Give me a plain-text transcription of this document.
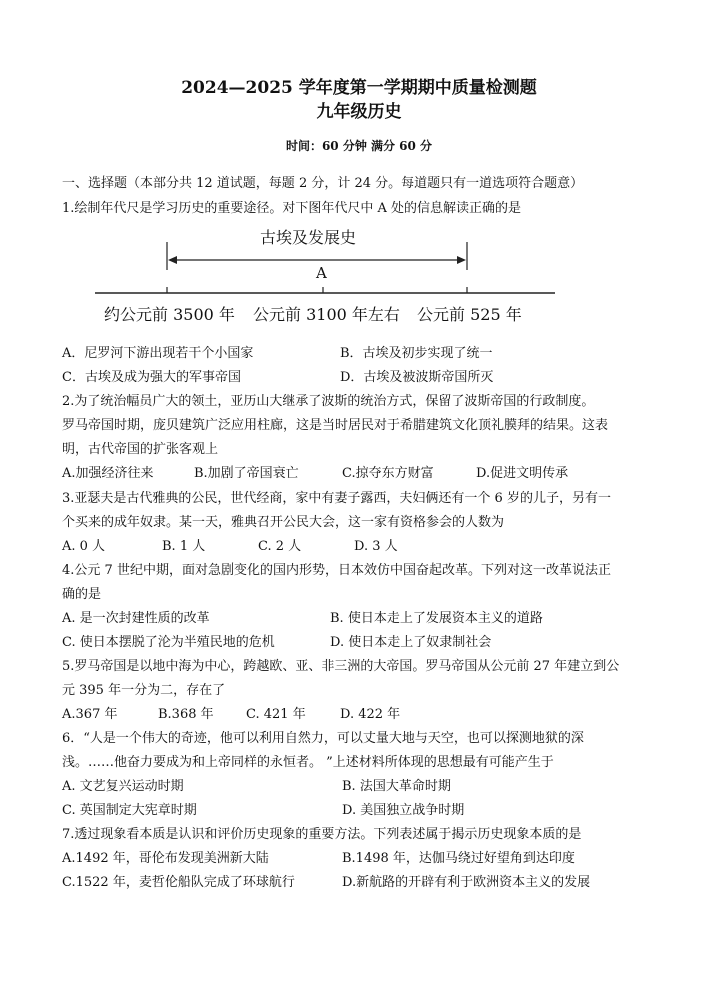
2024—2025 学年度第一学期期中质量检测题
九年级历史
时间：60 分钟 满分 60 分
一、选择题（本部分共 12 道试题，每题 2 分，计 24 分。每道题只有一道选项符合题意）
1.绘制年代尺是学习历史的重要途径。对下图年代尺中 A 处的信息解读正确的是
古埃及发展史
A
约公元前 3500 年 公元前 3100 年左右 公元前 525 年
A．尼罗河下游出现若干个小国家	B．古埃及初步实现了统一
C．古埃及成为强大的军事帝国	D．古埃及被波斯帝国所灭
2.为了统治幅员广大的领土，亚历山大继承了波斯的统治方式，保留了波斯帝国的行政制度。
罗马帝国时期，庞贝建筑广泛应用柱廊，这是当时居民对于希腊建筑文化顶礼膜拜的结果。这表
明，古代帝国的扩张客观上
A.加强经济往来	B.加剧了帝国衰亡	C.掠夺东方财富	D.促进文明传承
3.亚瑟夫是古代雅典的公民，世代经商，家中有妻子露西，夫妇俩还有一个 6 岁的儿子，另有一
个买来的成年奴隶。某一天，雅典召开公民大会，这一家有资格参会的人数为
A. 0 人	B. 1 人	C. 2 人	D. 3 人
4.公元 7 世纪中期，面对急剧变化的国内形势，日本效仿中国奋起改革。下列对这一改革说法正
确的是
A. 是一次封建性质的改革	B. 使日本走上了发展资本主义的道路
C. 使日本摆脱了沦为半殖民地的危机	D. 使日本走上了奴隶制社会
5.罗马帝国是以地中海为中心，跨越欧、亚、非三洲的大帝国。罗马帝国从公元前 27 年建立到公
元 395 年一分为二，存在了
A.367 年	B.368 年 C. 421 年	D. 422 年
6．“人是一个伟大的奇迹，他可以利用自然力，可以丈量大地与天空，也可以探测地狱的深
浅。……他奋力要成为和上帝同样的永恒者。 ”上述材料所体现的思想最有可能产生于
A. 文艺复兴运动时期	B. 法国大革命时期
C. 英国制定大宪章时期	D. 美国独立战争时期
7.透过现象看本质是认识和评价历史现象的重要方法。下列表述属于揭示历史现象本质的是
A.1492 年，哥伦布发现美洲新大陆	B.1498 年，达伽马绕过好望角到达印度
C.1522 年，麦哲伦船队完成了环球航行	D.新航路的开辟有利于欧洲资本主义的发展
